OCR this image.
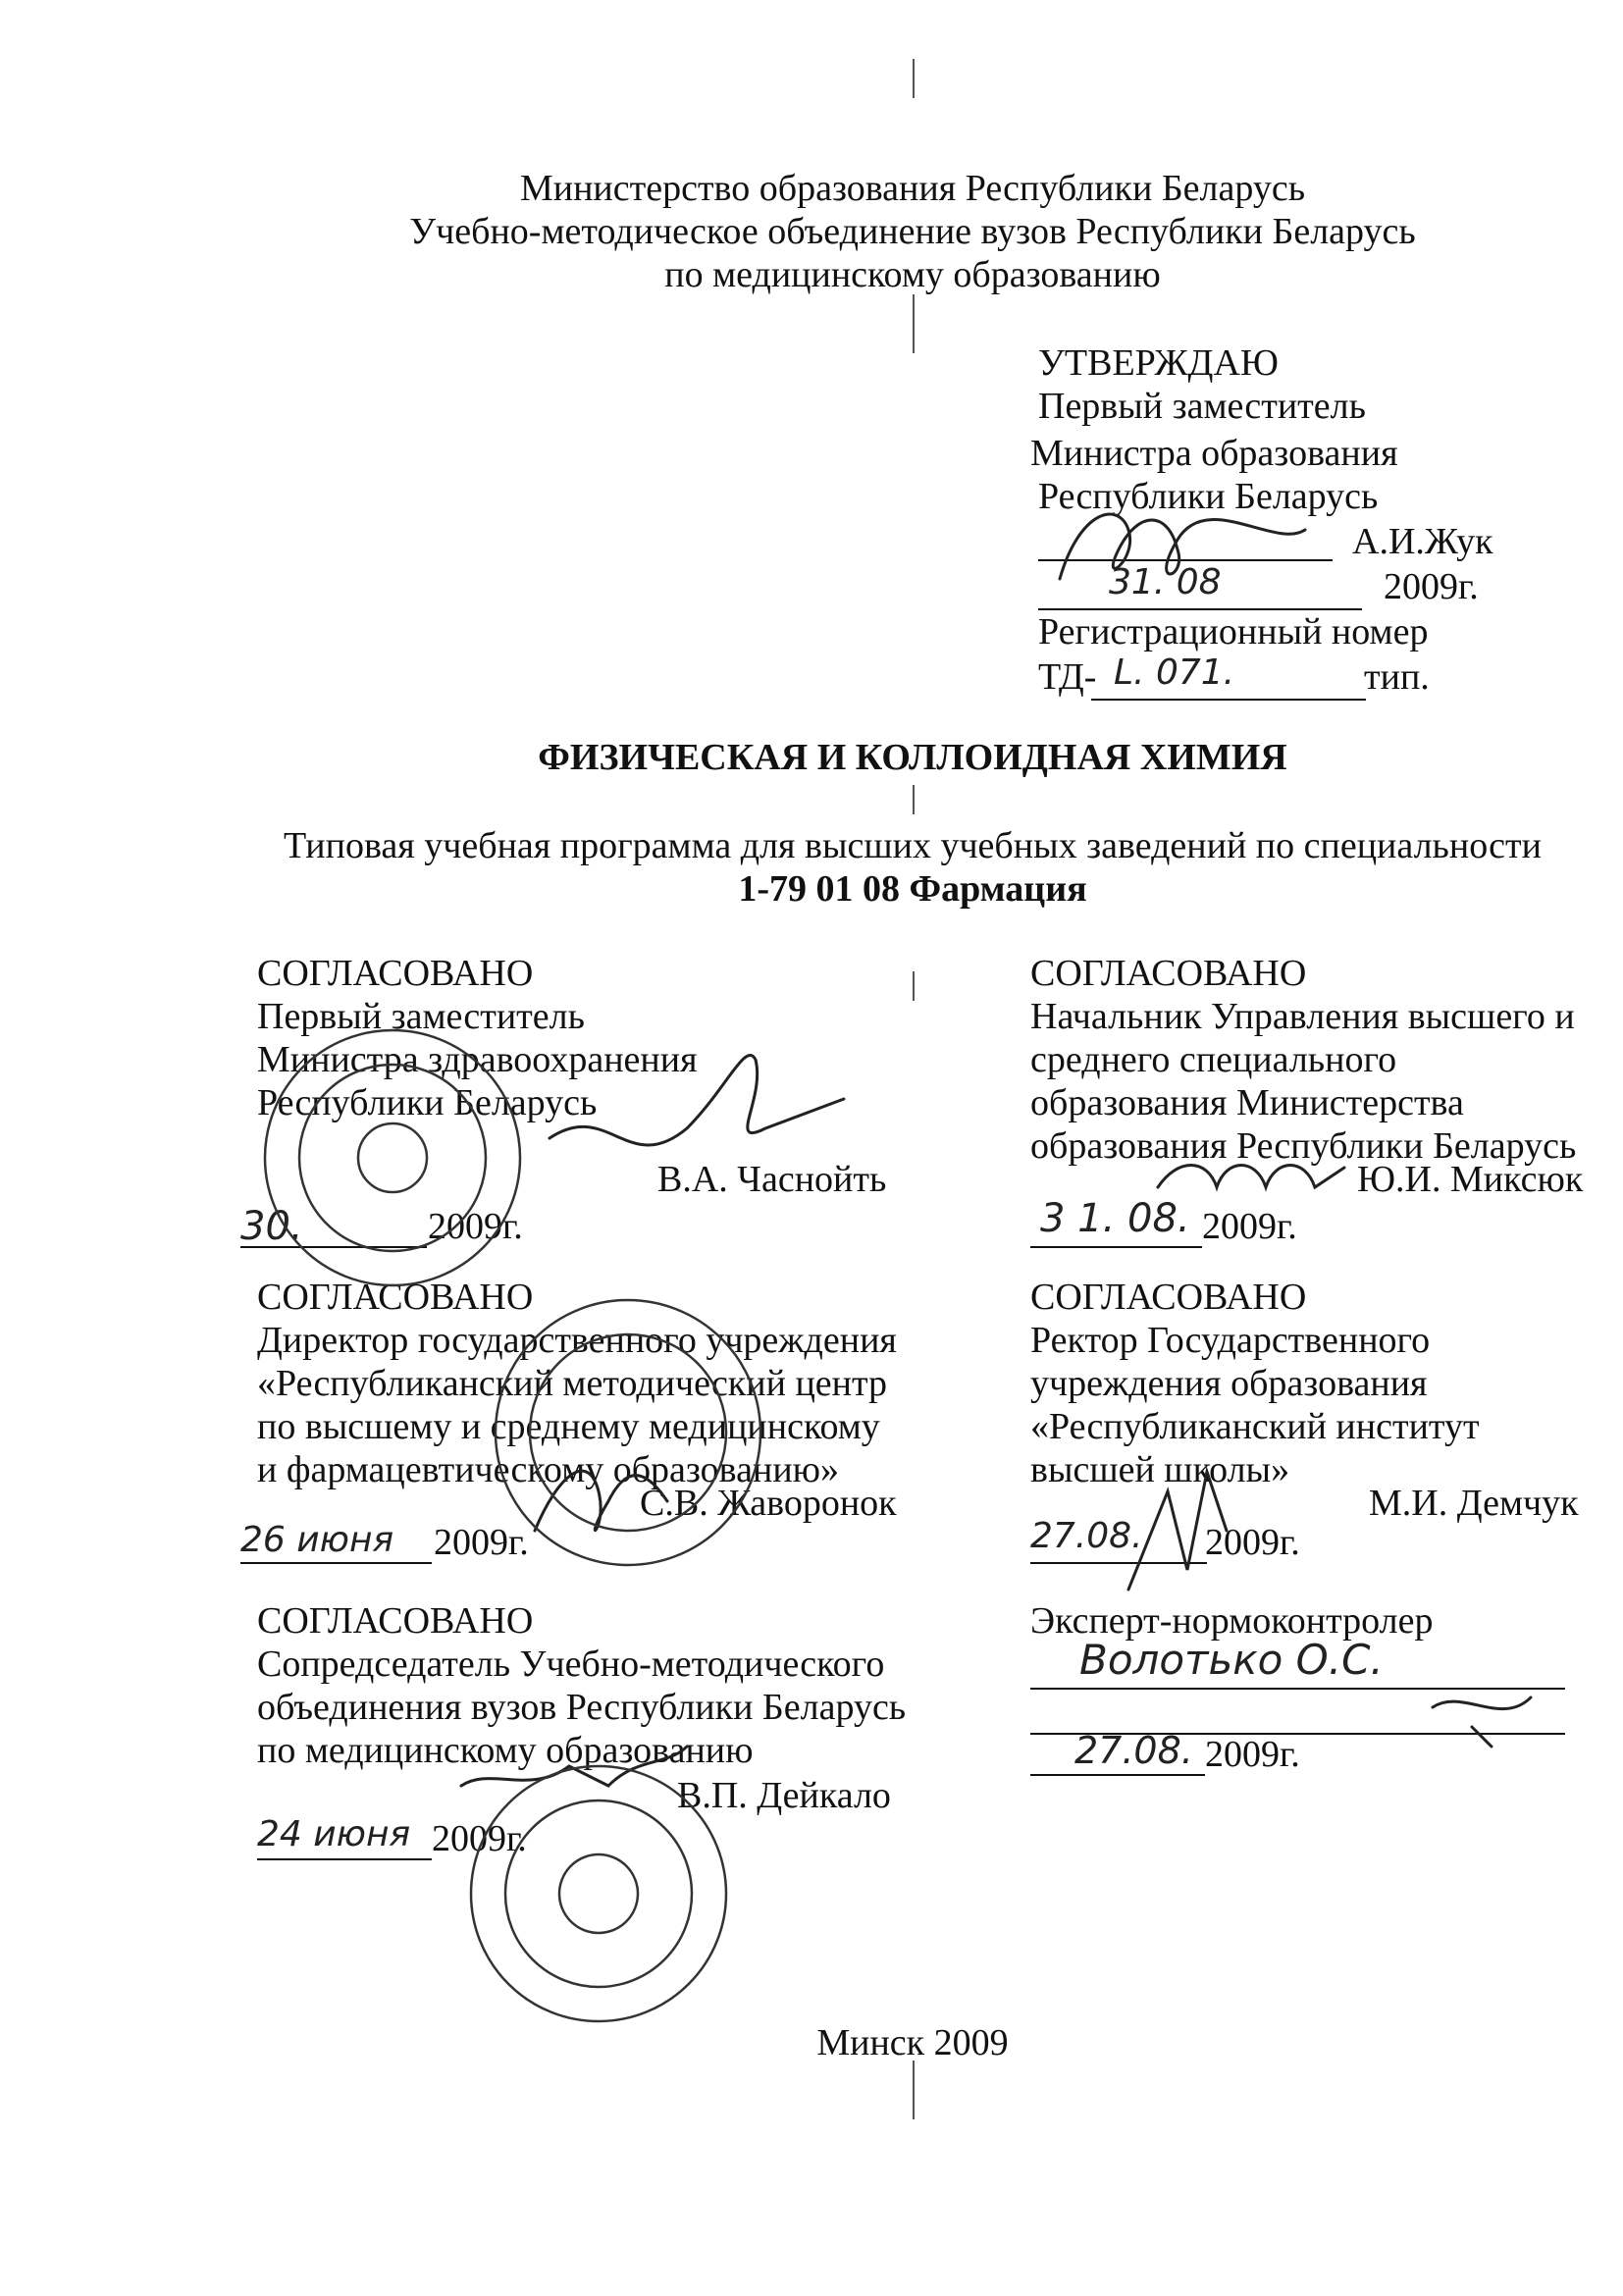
Министерство образования Республики Беларусь
Учебно-методическое объединение вузов Республики Беларусь
по медицинскому образованию
УТВЕРЖДАЮ
Первый заместитель
Министра образования
Республики Беларусь
А.И.Жук
31. 08	2009г.
Регистрационный номер
ТД- L. 071.	тип.
ФИЗИЧЕСКАЯ И КОЛЛОИДНАЯ ХИМИЯ
Типовая учебная программа для высших учебных заведений по специальности
1-79 01 08 Фармация
СОГЛАСОВАНО
Первый заместитель
Министра здравоохранения
Республики Беларусь
В.А. Часнойть
30.	2009г.
СОГЛАСОВАНО
Начальник Управления высшего и
среднего специального
образования Министерства
образования Республики Беларусь
Ю.И. Миксюк
3 1. 08. 2009г.
СОГЛАСОВАНО
Директор государственного учреждения
«Республиканский методический центр
по высшему и среднему медицинскому
и фармацевтическому образованию»
С.В. Жаворонок
26 июня 2009г.
СОГЛАСОВАНО
Ректор Государственного
учреждения образования
«Республиканский институт
высшей школы»
М.И. Демчук
27.08. 2009г.
СОГЛАСОВАНО
Сопредседатель Учебно-методического
объединения вузов Республики Беларусь
по медицинскому образованию
В.П. Дейкало
24 июня 2009г.
Эксперт-нормоконтролер
Волотько О.С.
27.08. 2009г.
Минск 2009
